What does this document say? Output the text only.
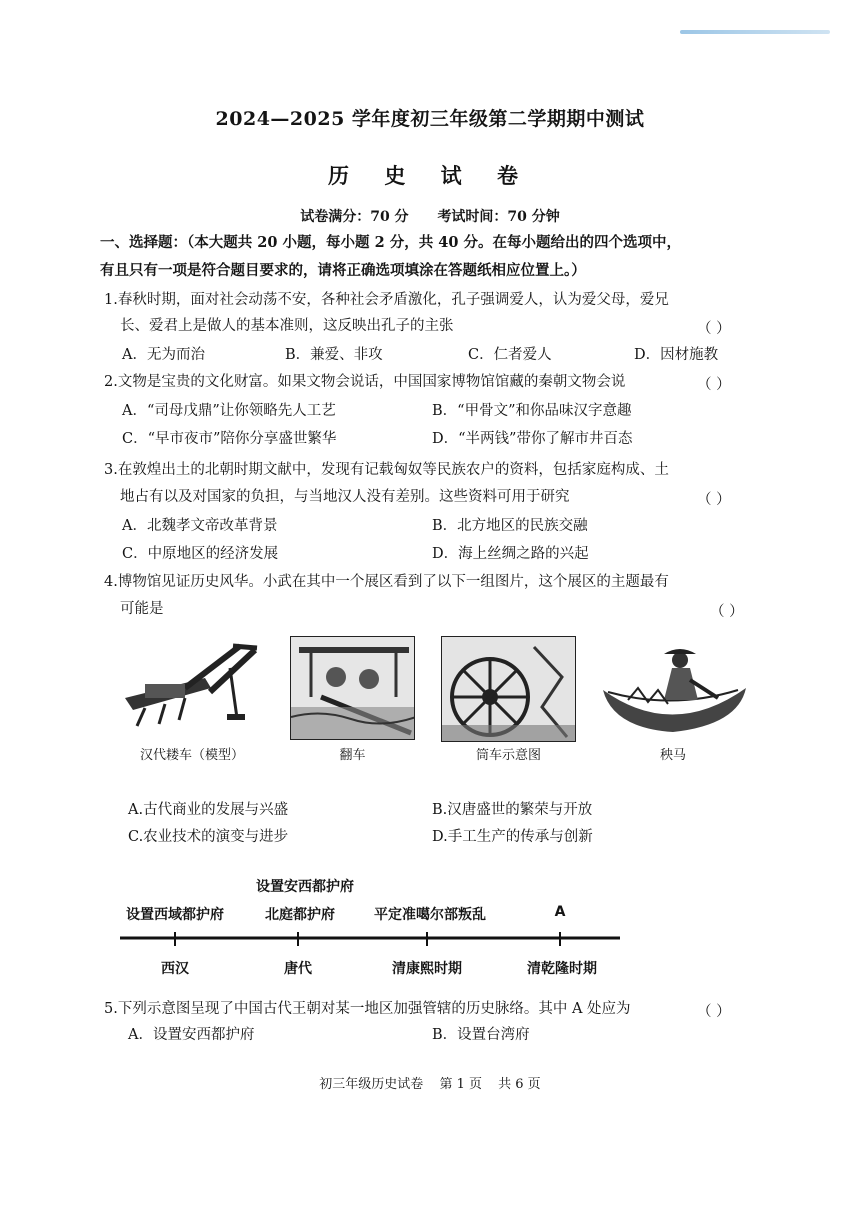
2024—2025 学年度初三年级第二学期期中测试
历 史 试 卷
试卷满分：70 分 考试时间：70 分钟
一、选择题：（本大题共 20 小题，每小题 2 分，共 40 分。在每小题给出的四个选项中，
有且只有一项是符合题目要求的，请将正确选项填涂在答题纸相应位置上。）
1.春秋时期，面对社会动荡不安，各种社会矛盾激化，孔子强调爱人，认为爱父母，爱兄
长、爱君上是做人的基本准则，这反映出孔子的主张	（ ）
A．无为而治	B．兼爱、非攻	C．仁者爱人	D．因材施教
2.文物是宝贵的文化财富。如果文物会说话，中国国家博物馆馆藏的秦朝文物会说	（ ）
A．“司母戊鼎”让你领略先人工艺	B．“甲骨文”和你品味汉字意趣
C．“早市夜市”陪你分享盛世繁华	D．“半两钱”带你了解市井百态
3.在敦煌出土的北朝时期文献中，发现有记载匈奴等民族农户的资料，包括家庭构成、土
地占有以及对国家的负担，与当地汉人没有差别。这些资料可用于研究	（ ）
A．北魏孝文帝改革背景	B．北方地区的民族交融
C．中原地区的经济发展	D．海上丝绸之路的兴起
4.博物馆见证历史风华。小武在其中一个展区看到了以下一组图片，这个展区的主题最有
可能是	（ ）
汉代耧车（模型）	翻车	筒车示意图	秧马
A.古代商业的发展与兴盛	B.汉唐盛世的繁荣与开放
C.农业技术的演变与进步	D.手工生产的传承与创新
设置西域都护府
设置安西都护府
北庭都护府	平定准噶尔部叛乱	A
西汉	唐代	清康熙时期	清乾隆时期
5.下列示意图呈现了中国古代王朝对某一地区加强管辖的历史脉络。其中 A 处应为	（ ）
A．设置安西都护府	B．设置台湾府
初三年级历史试卷 第 1 页 共 6 页
